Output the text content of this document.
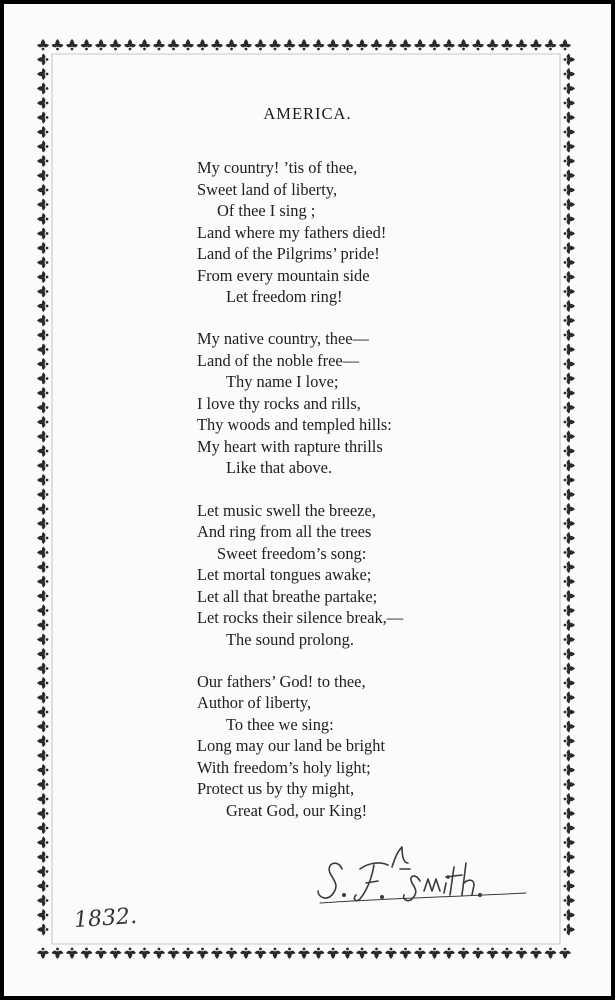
AMERICA.
My country! ’tis of thee,
Sweet land of liberty,
Of thee I sing ;
Land where my fathers died!
Land of the Pilgrims’ pride!
From every mountain side
Let freedom ring!
My native country, thee—
Land of the noble free—
Thy name I love;
I love thy rocks and rills,
Thy woods and templed hills:
My heart with rapture thrills
Like that above.
Let music swell the breeze,
And ring from all the trees
Sweet freedom’s song:
Let mortal tongues awake;
Let all that breathe partake;
Let rocks their silence break,—
The sound prolong.
Our fathers’ God! to thee,
Author of liberty,
To thee we sing:
Long may our land be bright
With freedom’s holy light;
Protect us by thy might,
Great God, our King!
1832.
